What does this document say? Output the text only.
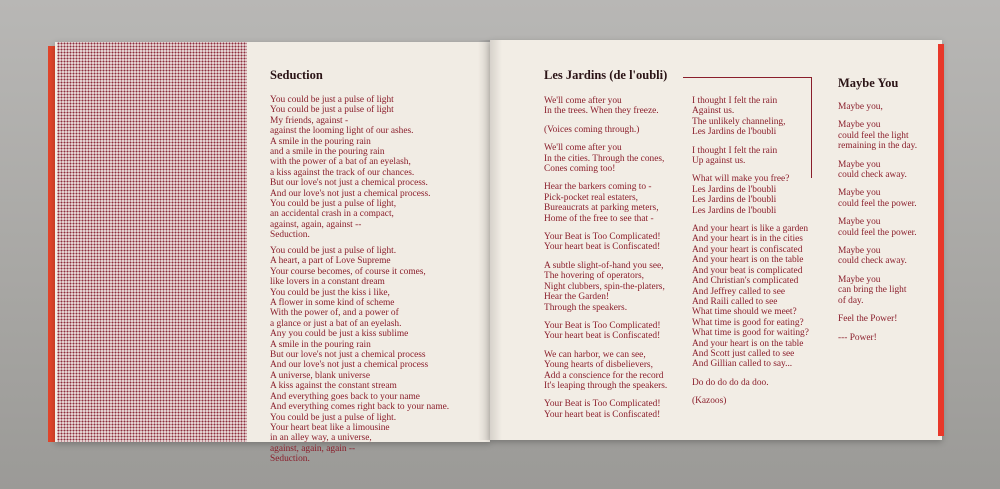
Seduction
You could be just a pulse of light
You could be just a pulse of light
My friends, against -
against the looming light of our ashes.
A smile in the pouring rain
and a smile in the pouring rain
with the power of a bat of an eyelash,
a kiss against the track of our chances.
But our love's not just a chemical process.
And our love's not just a chemical process.
You could be just a pulse of light,
an accidental crash in a compact,
against, again, against --
Seduction.
You could be just a pulse of light.
A heart, a part of Love Supreme
Your course becomes, of course it comes,
like lovers in a constant dream
You could be just the kiss i like,
A flower in some kind of scheme
With the power of, and a power of
a glance or just a bat of an eyelash.
Any you could be just a kiss sublime
A smile in the pouring rain
But our love's not just a chemical process
And our love's not just a chemical process
A universe, blank universe
A kiss against the constant stream
And everything goes back to your name
And everything comes right back to your name.
You could be just a pulse of light.
Your heart beat like a limousine
in an alley way, a universe,
against, again, again --
Seduction.
Les Jardins (de l'oubli)
We'll come after you
In the trees. When they freeze.
(Voices coming through.)
We'll come after you
In the cities. Through the cones,
Cones coming too!
Hear the barkers coming to -
Pick-pocket real estaters,
Bureaucrats at parking meters,
Home of the free to see that -
Your Beat is Too Complicated!
Your heart beat is Confiscated!
A subtle slight-of-hand you see,
The hovering of operators,
Night clubbers, spin-the-platers,
Hear the Garden!
Through the speakers.
Your Beat is Too Complicated!
Your heart beat is Confiscated!
We can harbor, we can see,
Young hearts of disbelievers,
Add a conscience for the record
It's leaping through the speakers.
Your Beat is Too Complicated!
Your heart beat is Confiscated!
I thought I felt the rain
Against us.
The unlikely channeling,
Les Jardins de l'boubli
I thought I felt the rain
Up against us.
What will make you free?
Les Jardins de l'boubli
Les Jardins de l'boubli
Les Jardins de l'boubli
And your heart is like a garden
And your heart is in the cities
And your heart is confiscated
And your heart is on the table
And your beat is complicated
And Christian's complicated
And Jeffrey called to see
And Raili called to see
What time should we meet?
What time is good for eating?
What time is good for waiting?
And your heart is on the table
And Scott just called to see
And Gillian called to say...
Do do do do da doo.
(Kazoos)
Maybe You
Maybe you,
Maybe you
could feel the light
remaining in the day.
Maybe you
could check away.
Maybe you
could feel the power.
Maybe you
could feel the power.
Maybe you
could check away.
Maybe you
can bring the light
of day.
Feel the Power!
--- Power!
